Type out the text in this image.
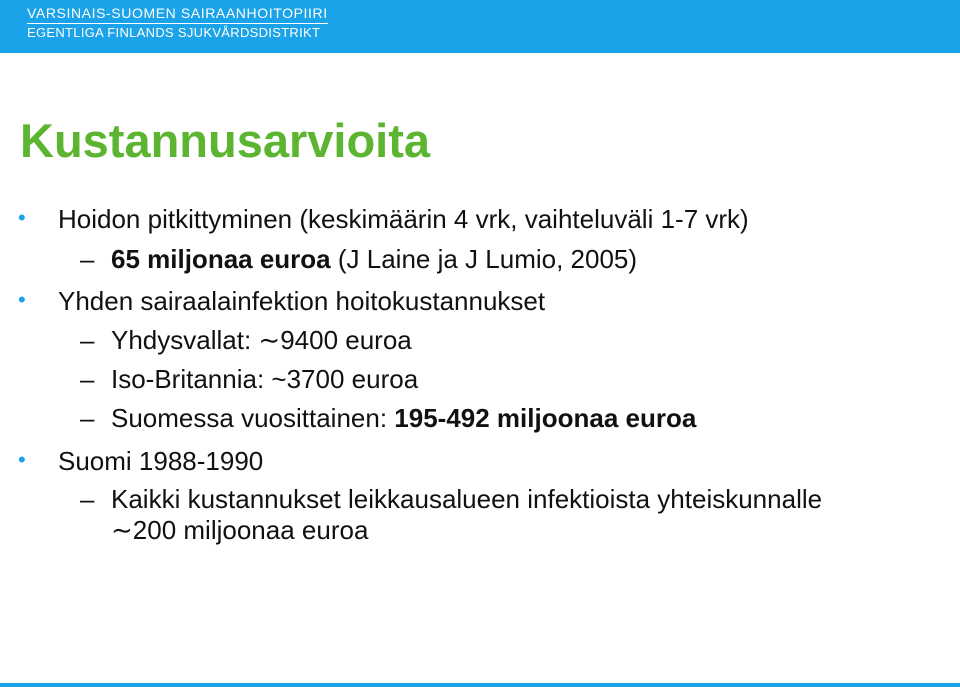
VARSINAIS-SUOMEN SAIRAANHOITOPIIRI
EGENTLIGA FINLANDS SJUKVÅRDSDISTRIKT
Kustannusarvioita
• Hoidon pitkittyminen (keskimäärin 4 vrk, vaihteluväli 1-7 vrk)
– 65 miljonaa euroa (J Laine ja J Lumio, 2005)
• Yhden sairaalainfektion hoitokustannukset
– Yhdysvallat: ∼9400 euroa
– Iso-Britannia: ~3700 euroa
– Suomessa vuosittainen: 195-492 miljoonaa euroa
• Suomi 1988-1990
– Kaikki kustannukset leikkausalueen infektioista yhteiskunnalle
∼200 miljoonaa euroa
